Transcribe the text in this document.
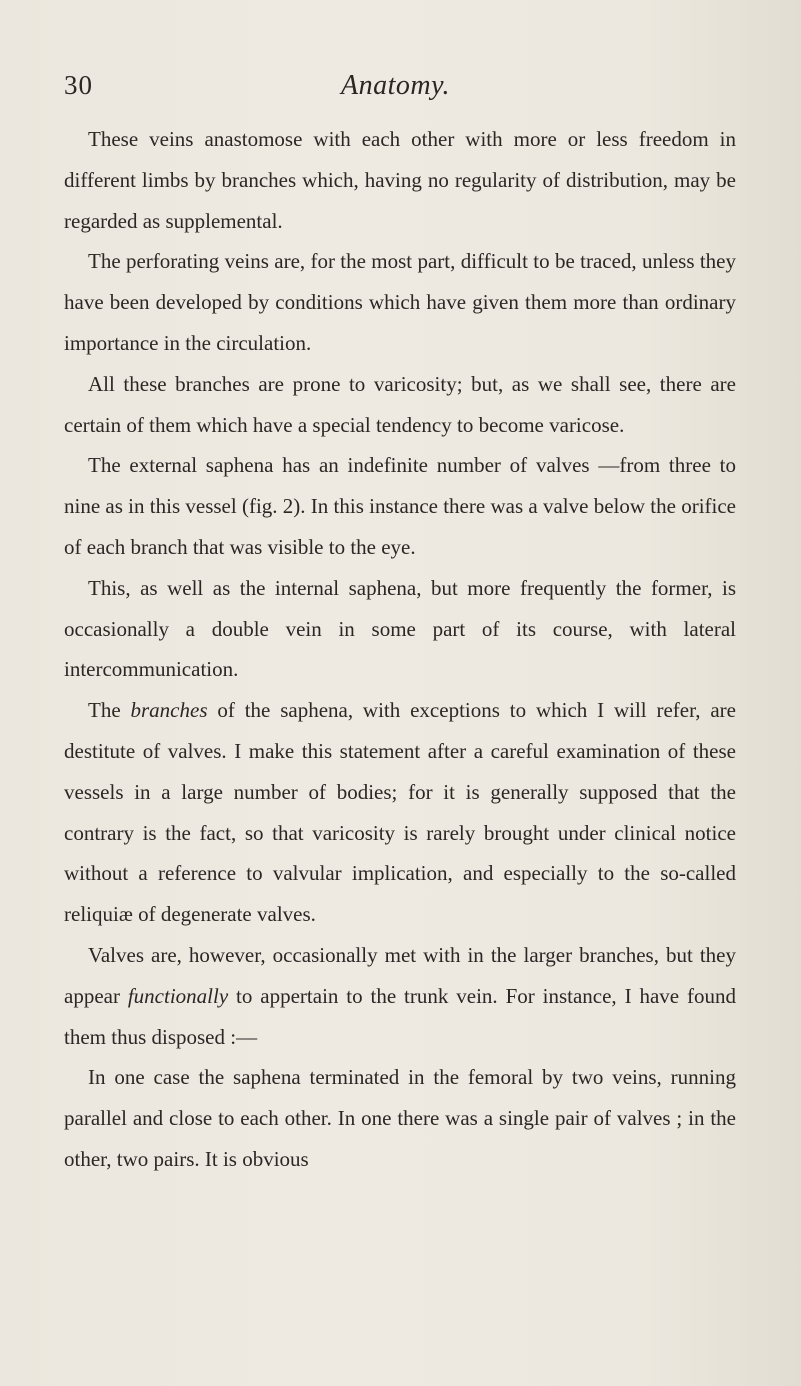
30	Anatomy.

These veins anastomose with each other with more or less freedom in different limbs by branches which, having no regularity of distribution, may be regarded as supplemental.

The perforating veins are, for the most part, difficult to be traced, unless they have been developed by conditions which have given them more than ordinary importance in the circulation.

All these branches are prone to varicosity; but, as we shall see, there are certain of them which have a special tendency to become varicose.

The external saphena has an indefinite number of valves —from three to nine as in this vessel (fig. 2). In this instance there was a valve below the orifice of each branch that was visible to the eye.

This, as well as the internal saphena, but more frequently the former, is occasionally a double vein in some part of its course, with lateral intercommunication.

The branches of the saphena, with exceptions to which I will refer, are destitute of valves. I make this statement after a careful examination of these vessels in a large number of bodies; for it is generally supposed that the contrary is the fact, so that varicosity is rarely brought under clinical notice without a reference to valvular implication, and especially to the so-called reliquiæ of degenerate valves.

Valves are, however, occasionally met with in the larger branches, but they appear functionally to appertain to the trunk vein. For instance, I have found them thus disposed :—

In one case the saphena terminated in the femoral by two veins, running parallel and close to each other. In one there was a single pair of valves ; in the other, two pairs. It is obvious
